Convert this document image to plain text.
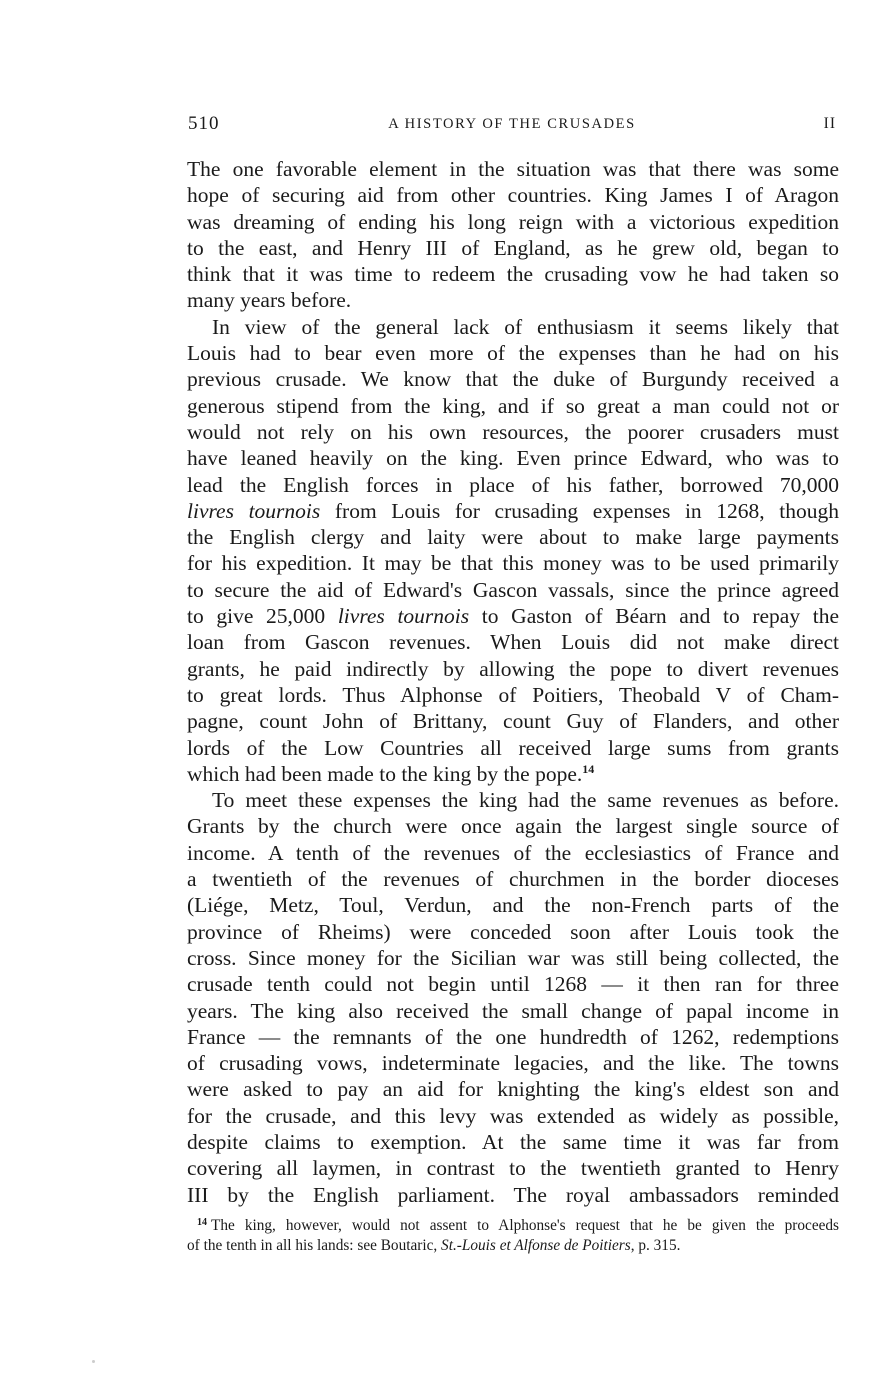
510	A HISTORY OF THE CRUSADES	II
The one favorable element in the situation was that there was some
hope of securing aid from other countries. King James I of Aragon
was dreaming of ending his long reign with a victorious expedition
to the east, and Henry III of England, as he grew old, began to
think that it was time to redeem the crusading vow he had taken so
many years before.
In view of the general lack of enthusiasm it seems likely that
Louis had to bear even more of the expenses than he had on his
previous crusade. We know that the duke of Burgundy received a
generous stipend from the king, and if so great a man could not or
would not rely on his own resources, the poorer crusaders must
have leaned heavily on the king. Even prince Edward, who was to
lead the English forces in place of his father, borrowed 70,000
livres tournois from Louis for crusading expenses in 1268, though
the English clergy and laity were about to make large payments
for his expedition. It may be that this money was to be used primarily
to secure the aid of Edward's Gascon vassals, since the prince agreed
to give 25,000 livres tournois to Gaston of Béarn and to repay the
loan from Gascon revenues. When Louis did not make direct
grants, he paid indirectly by allowing the pope to divert revenues
to great lords. Thus Alphonse of Poitiers, Theobald V of Cham-
pagne, count John of Brittany, count Guy of Flanders, and other
lords of the Low Countries all received large sums from grants
which had been made to the king by the pope.$^{14}$
To meet these expenses the king had the same revenues as before.
Grants by the church were once again the largest single source of
income. A tenth of the revenues of the ecclesiastics of France and
a twentieth of the revenues of churchmen in the border dioceses
(Liége, Metz, Toul, Verdun, and the non-French parts of the
province of Rheims) were conceded soon after Louis took the
cross. Since money for the Sicilian war was still being collected, the
crusade tenth could not begin until 1268 — it then ran for three
years. The king also received the small change of papal income in
France — the remnants of the one hundredth of 1262, redemptions
of crusading vows, indeterminate legacies, and the like. The towns
were asked to pay an aid for knighting the king's eldest son and
for the crusade, and this levy was extended as widely as possible,
despite claims to exemption. At the same time it was far from
covering all laymen, in contrast to the twentieth granted to Henry
III by the English parliament. The royal ambassadors reminded
$^{14}$ The king, however, would not assent to Alphonse's request that he be given the proceeds
of the tenth in all his lands: see Boutaric, St.-Louis et Alfonse de Poitiers, p. 315.
